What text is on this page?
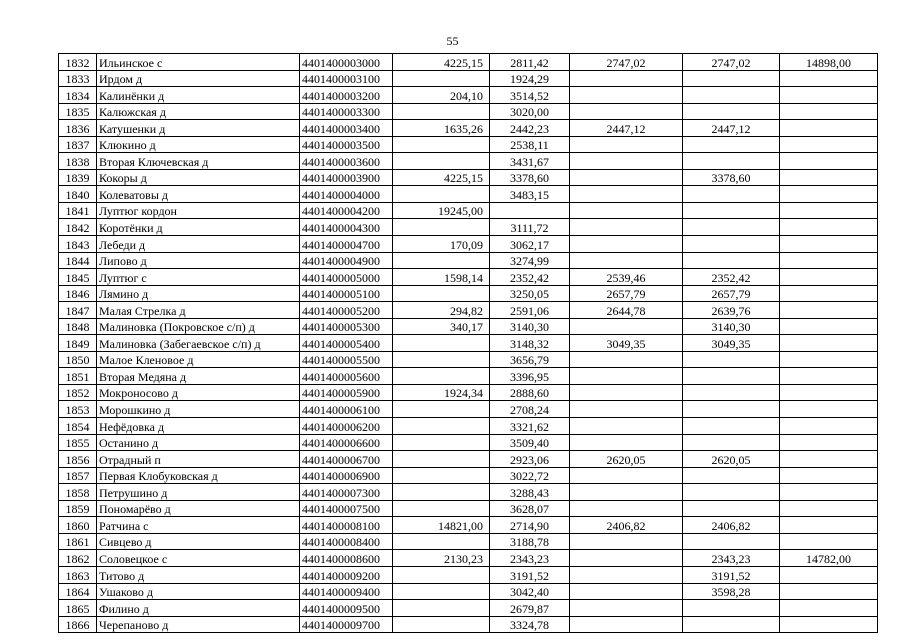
55
1832	Ильинское с	4401400003000	4225,15	2811,42	2747,02	2747,02	14898,00
1833	Ирдом д	4401400003100		1924,29			
1834	Калинёнки д	4401400003200	204,10	3514,52			
1835	Калюжская д	4401400003300		3020,00			
1836	Катушенки д	4401400003400	1635,26	2442,23	2447,12	2447,12	
1837	Клюкино д	4401400003500		2538,11			
1838	Вторая Ключевская д	4401400003600		3431,67			
1839	Кокоры д	4401400003900	4225,15	3378,60		3378,60	
1840	Колеватовы д	4401400004000		3483,15			
1841	Луптюг кордон	4401400004200	19245,00				
1842	Коротёнки д	4401400004300		3111,72			
1843	Лебеди д	4401400004700	170,09	3062,17			
1844	Липово д	4401400004900		3274,99			
1845	Луптюг с	4401400005000	1598,14	2352,42	2539,46	2352,42	
1846	Лямино д	4401400005100		3250,05	2657,79	2657,79	
1847	Малая Стрелка д	4401400005200	294,82	2591,06	2644,78	2639,76	
1848	Малиновка (Покровское с/п) д	4401400005300	340,17	3140,30		3140,30	
1849	Малиновка (Забегаевское с/п) д	4401400005400		3148,32	3049,35	3049,35	
1850	Малое Кленовое д	4401400005500		3656,79			
1851	Вторая Медяна д	4401400005600		3396,95			
1852	Мокроносово д	4401400005900	1924,34	2888,60			
1853	Морошкино д	4401400006100		2708,24			
1854	Нефёдовка д	4401400006200		3321,62			
1855	Останино д	4401400006600		3509,40			
1856	Отрадный п	4401400006700		2923,06	2620,05	2620,05	
1857	Первая Клобуковская д	4401400006900		3022,72			
1858	Петрушино д	4401400007300		3288,43			
1859	Пономарёво д	4401400007500		3628,07			
1860	Ратчина с	4401400008100	14821,00	2714,90	2406,82	2406,82	
1861	Сивцево д	4401400008400		3188,78			
1862	Соловецкое с	4401400008600	2130,23	2343,23		2343,23	14782,00
1863	Титово д	4401400009200		3191,52		3191,52	
1864	Ушаково д	4401400009400		3042,40		3598,28	
1865	Филино д	4401400009500		2679,87			
1866	Черепаново д	4401400009700		3324,78			
